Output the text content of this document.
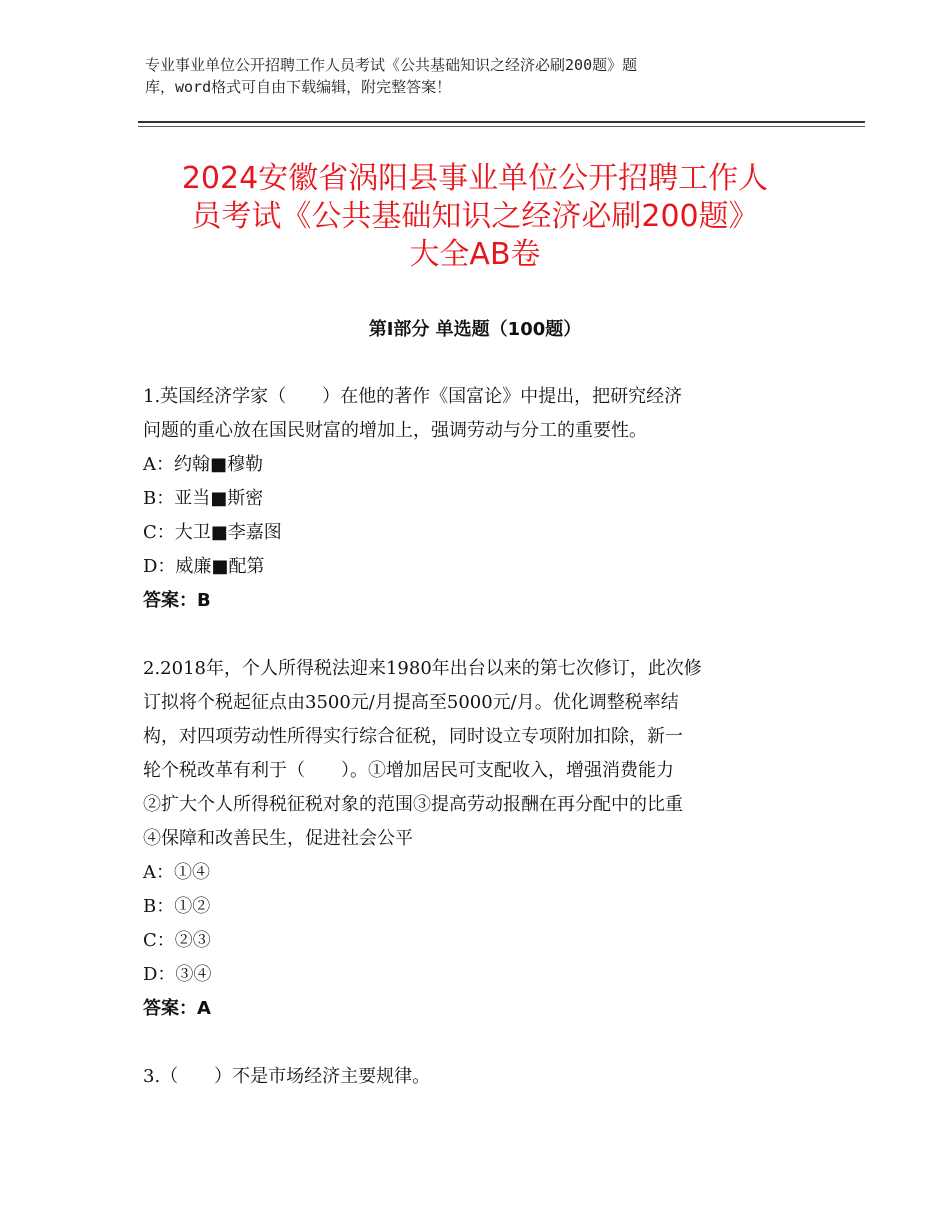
专业事业单位公开招聘工作人员考试《公共基础知识之经济必刷200题》题
库，word格式可自由下载编辑，附完整答案！
2024安徽省涡阳县事业单位公开招聘工作人
员考试《公共基础知识之经济必刷200题》
大全AB卷
第Ⅰ部分 单选题（100题）

1.英国经济学家（　　）在他的著作《国富论》中提出，把研究经济

问题的重心放在国民财富的增加上，强调劳动与分工的重要性。

A：约翰■穆勒

B：亚当■斯密

C：大卫■李嘉图

D：威廉■配第

答案：B

2.2018年，个人所得税法迎来1980年出台以来的第七次修订，此次修

订拟将个税起征点由3500元/月提高至5000元/月。优化调整税率结

构，对四项劳动性所得实行综合征税，同时设立专项附加扣除，新一

轮个税改革有利于（　　）。①增加居民可支配收入，增强消费能力

②扩大个人所得税征税对象的范围③提高劳动报酬在再分配中的比重

④保障和改善民生，促进社会公平

A：①④

B：①②

C：②③

D：③④

答案：A

3.（　　）不是市场经济主要规律。
